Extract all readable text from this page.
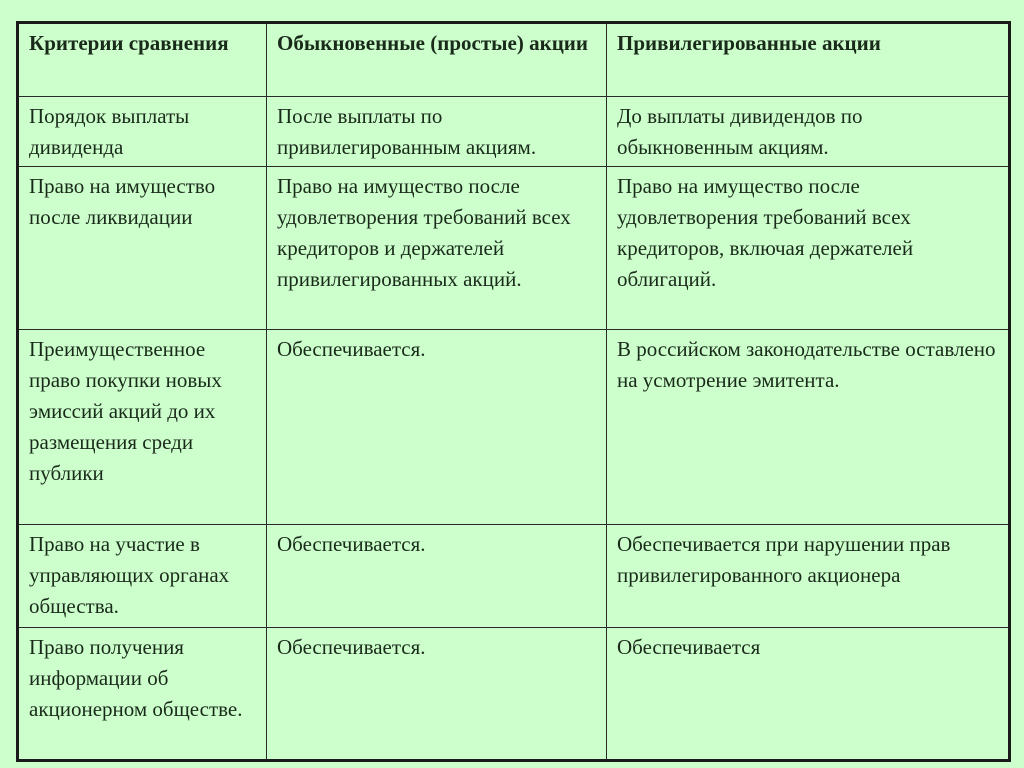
Критерии сравнения	Обыкновенные (простые) акции	Привилегированные акции
Порядок выплаты дивиденда	После выплаты по привилегированным акциям.	До выплаты дивидендов по обыкновенным акциям.
Право на имущество после ликвидации	Право на имущество после удовлетворения требований всех кредиторов и держателей привилегированных акций.	Право на имущество после удовлетворения требований всех кредиторов, включая держателей облигаций.
Преимущественное право покупки новых эмиссий акций до их размещения среди публики	Обеспечивается.	В российском законодательстве оставлено на усмотрение эмитента.
Право на участие в управляющих органах общества.	Обеспечивается.	Обеспечивается при нарушении прав привилегированного акционера
Право получения информации об акционерном обществе.	Обеспечивается.	Обеспечивается
